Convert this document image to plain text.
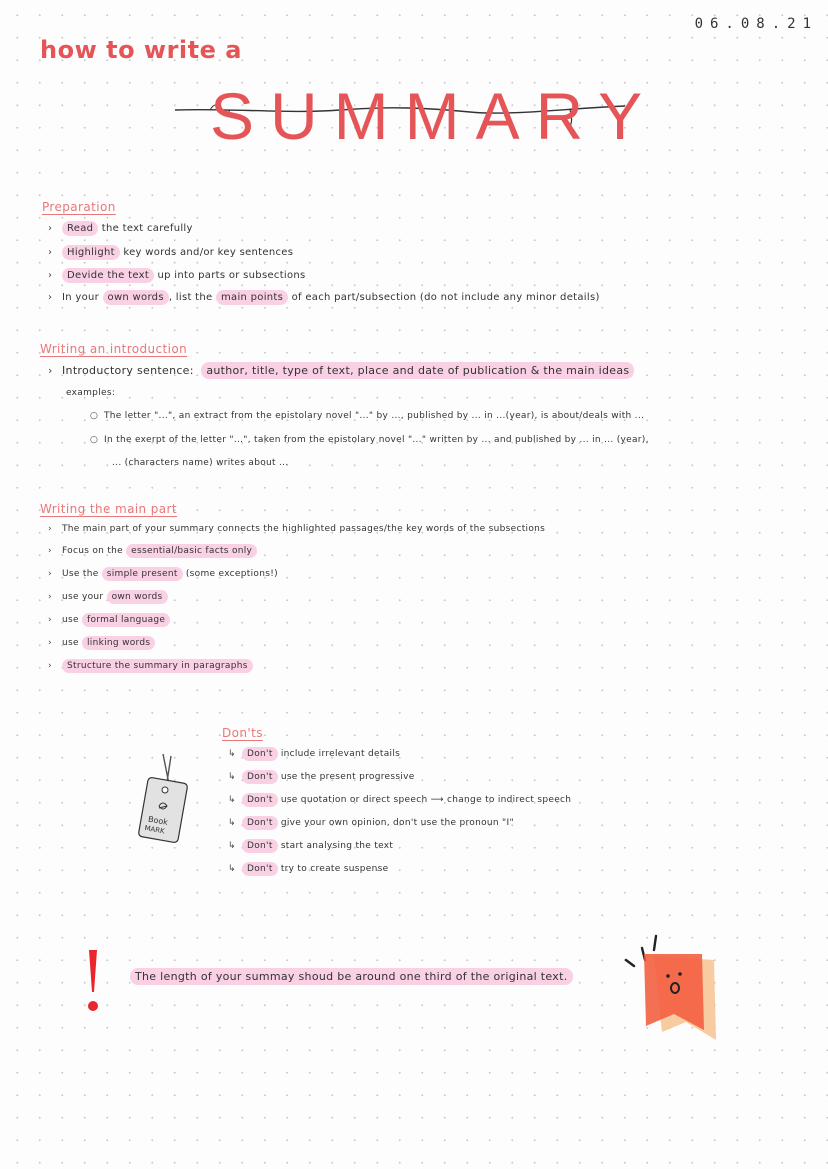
06.08.21
how to write a
SUMMARY
Preparation
› Read the text carefully
› Highlight key words and/or key sentences
› Devide the text up into parts or subsections
› In your own words , list the main points of each part/subsection (do not include any minor details)
Writing an introduction
› Introductory sentence: author, title, type of text, place and date of publication & the main ideas
examples:
○ The letter "...", an extract from the epistolary novel "..." by ..., published by ... in ...(year), is about/deals with ...
○ In the exerpt of the letter "...", taken from the epistolary novel "..." written by ... and published by ... in ... (year),
... (characters name) writes about ...
Writing the main part
› The main part of your summary connects the highlighted passages/the key words of the subsections
› Focus on the essential/basic facts only
› Use the simple present (some exceptions!)
› use your own words
› use formal language
› use linking words
› Structure the summary in paragraphs
Don'ts
↳ Don't include irrelevant details
↳ Don't use the present progressive
↳ Don't use quotation or direct speech ⟶ change to indirect speech
↳ Don't give your own opinion, don't use the pronoun "I"
↳ Don't start analysing the text
↳ Don't try to create suspense
Book
MARK
The length of your summay shoud be around one third of the original text.
